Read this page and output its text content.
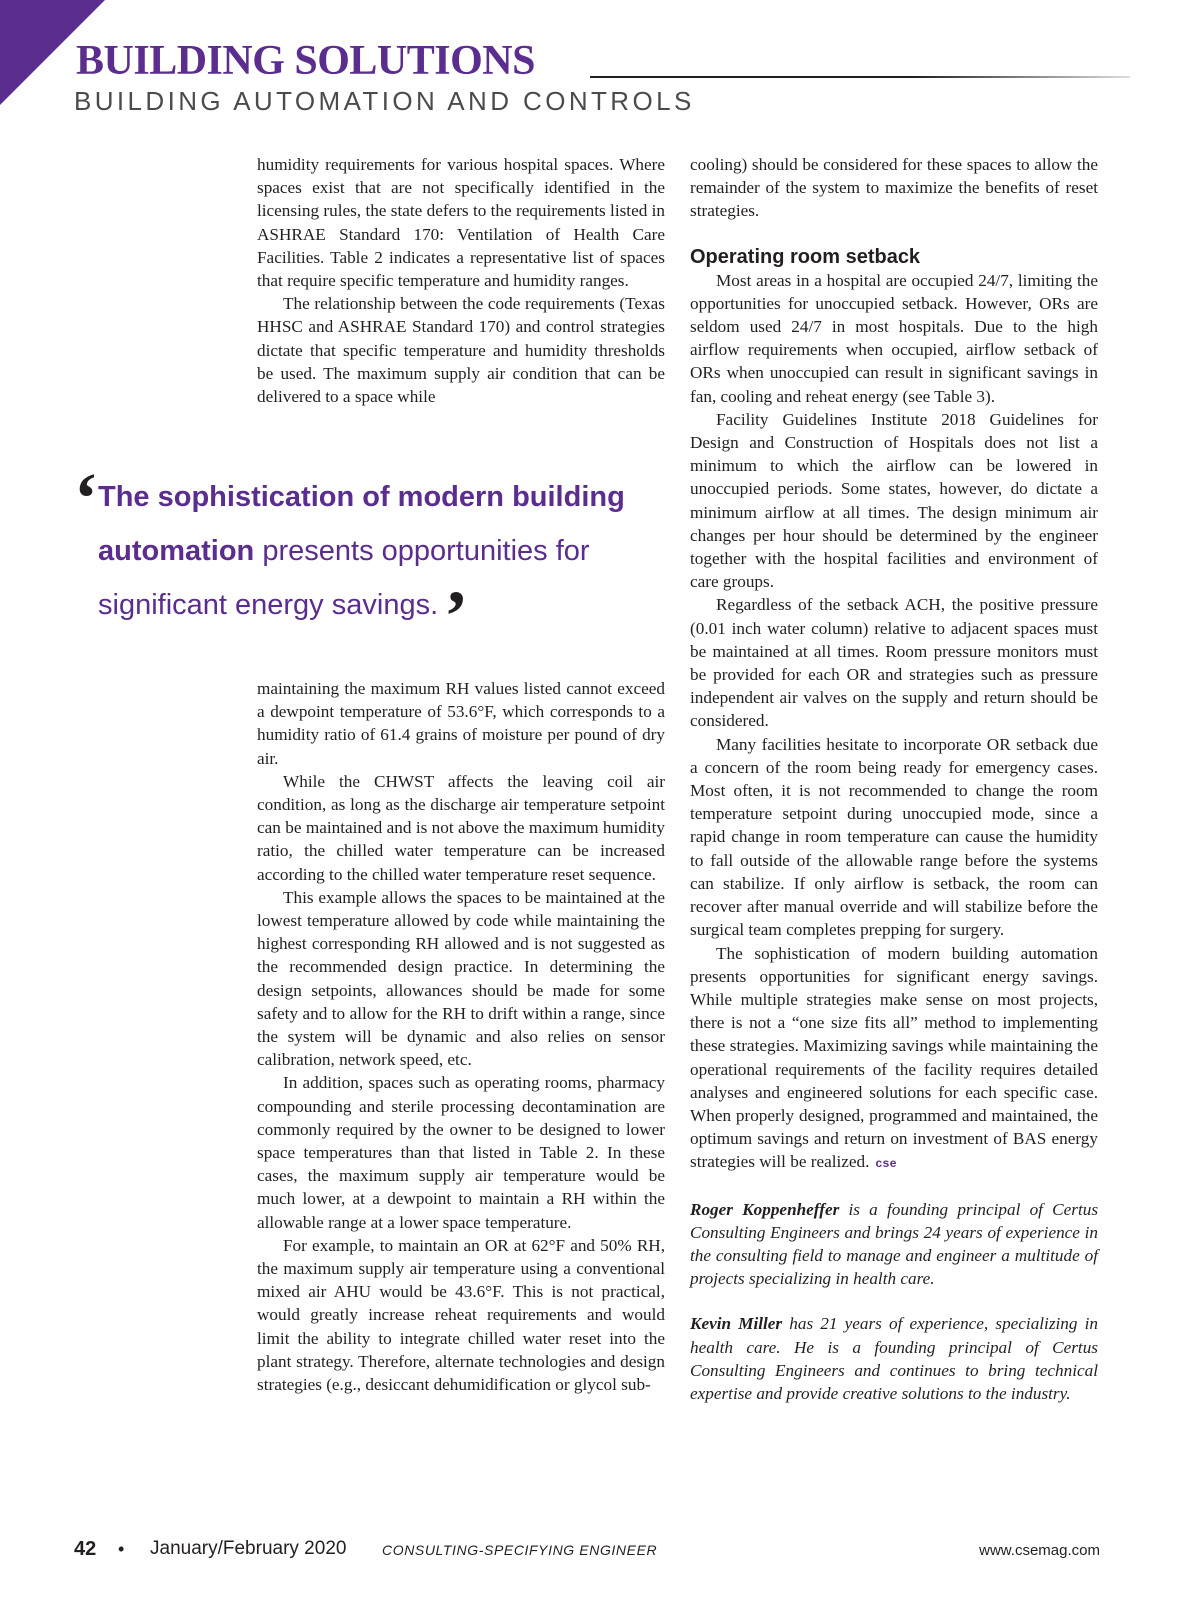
BUILDING SOLUTIONS
BUILDING AUTOMATION AND CONTROLS

humidity requirements for various hospital spaces. Where spaces exist that are not specifically identified in the licensing rules, the state defers to the requirements listed in ASHRAE Standard 170: Ventilation of Health Care Facilities. Table 2 indicates a representative list of spaces that require specific temperature and humidity ranges.

The relationship between the code requirements (Texas HHSC and ASHRAE Standard 170) and control strategies dictate that specific temperature and humidity thresholds be used. The maximum supply air condition that can be delivered to a space while

‘ The sophistication of modern building automation presents opportunities for significant energy savings.’

maintaining the maximum RH values listed cannot exceed a dewpoint temperature of 53.6°F, which corresponds to a humidity ratio of 61.4 grains of moisture per pound of dry air.

While the CHWST affects the leaving coil air condition, as long as the discharge air temperature setpoint can be maintained and is not above the maximum humidity ratio, the chilled water temperature can be increased according to the chilled water temperature reset sequence.

This example allows the spaces to be maintained at the lowest temperature allowed by code while maintaining the highest corresponding RH allowed and is not suggested as the recommended design practice. In determining the design setpoints, allowances should be made for some safety and to allow for the RH to drift within a range, since the system will be dynamic and also relies on sensor calibration, network speed, etc.

In addition, spaces such as operating rooms, pharmacy compounding and sterile processing decontamination are commonly required by the owner to be designed to lower space temperatures than that listed in Table 2. In these cases, the maximum supply air temperature would be much lower, at a dewpoint to maintain a RH within the allowable range at a lower space temperature.

For example, to maintain an OR at 62°F and 50% RH, the maximum supply air temperature using a conventional mixed air AHU would be 43.6°F. This is not practical, would greatly increase reheat requirements and would limit the ability to integrate chilled water reset into the plant strategy. Therefore, alternate technologies and design strategies (e.g., desiccant dehumidification or glycol sub-

cooling) should be considered for these spaces to allow the remainder of the system to maximize the benefits of reset strategies.

Operating room setback

Most areas in a hospital are occupied 24/7, limiting the opportunities for unoccupied setback. However, ORs are seldom used 24/7 in most hospitals. Due to the high airflow requirements when occupied, airflow setback of ORs when unoccupied can result in significant savings in fan, cooling and reheat energy (see Table 3).

Facility Guidelines Institute 2018 Guidelines for Design and Construction of Hospitals does not list a minimum to which the airflow can be lowered in unoccupied periods. Some states, however, do dictate a minimum airflow at all times. The design minimum air changes per hour should be determined by the engineer together with the hospital facilities and environment of care groups.

Regardless of the setback ACH, the positive pressure (0.01 inch water column) relative to adjacent spaces must be maintained at all times. Room pressure monitors must be provided for each OR and strategies such as pressure independent air valves on the supply and return should be considered.

Many facilities hesitate to incorporate OR setback due a concern of the room being ready for emergency cases. Most often, it is not recommended to change the room temperature setpoint during unoccupied mode, since a rapid change in room temperature can cause the humidity to fall outside of the allowable range before the systems can stabilize. If only airflow is setback, the room can recover after manual override and will stabilize before the surgical team completes prepping for surgery.

The sophistication of modern building automation presents opportunities for significant energy savings. While multiple strategies make sense on most projects, there is not a “one size fits all” method to implementing these strategies. Maximizing savings while maintaining the operational requirements of the facility requires detailed analyses and engineered solutions for each specific case. When properly designed, programmed and maintained, the optimum savings and return on investment of BAS energy strategies will be realized. cse

Roger Koppenheffer is a founding principal of Certus Consulting Engineers and brings 24 years of experience in the consulting field to manage and engineer a multitude of projects specializing in health care.

Kevin Miller has 21 years of experience, specializing in health care. He is a founding principal of Certus Consulting Engineers and continues to bring technical expertise and provide creative solutions to the industry.

42 • January/February 2020	CONSULTING-SPECIFYING ENGINEER	www.csemag.com
